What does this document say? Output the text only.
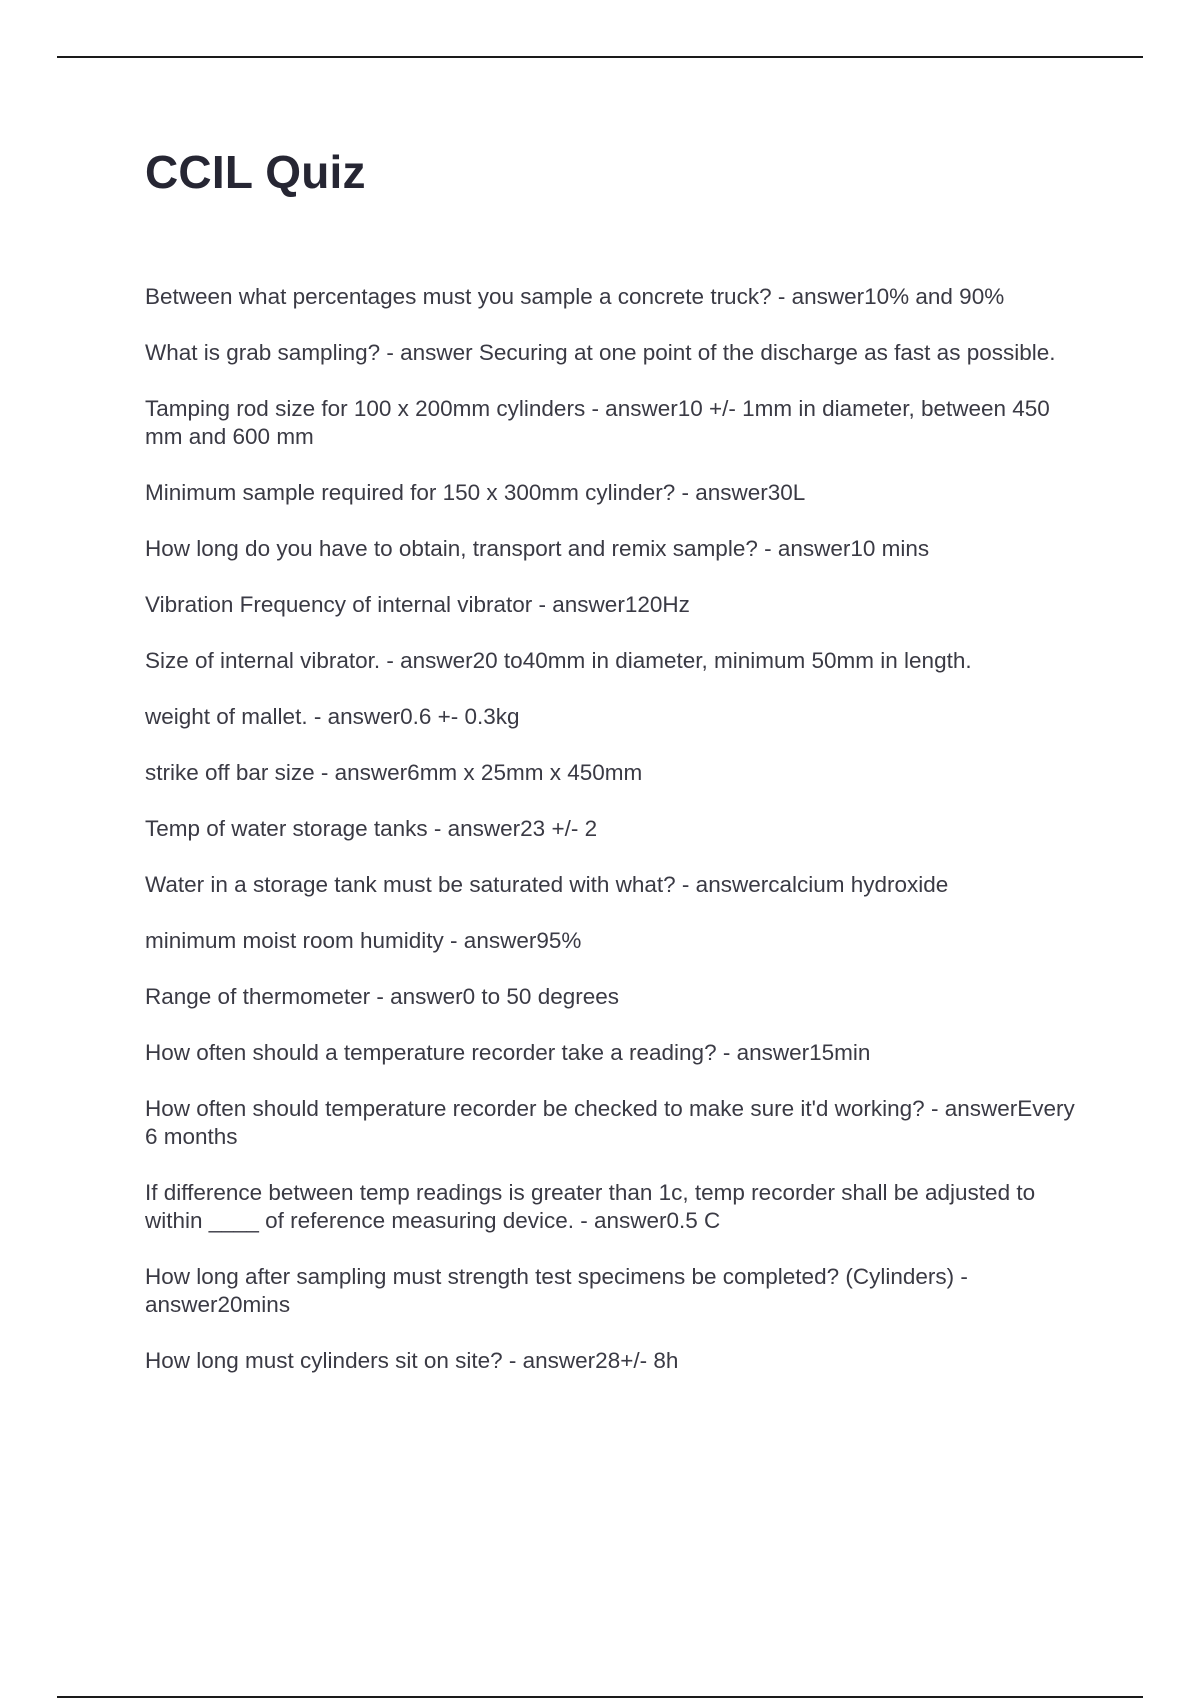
CCIL Quiz
Between what percentages must you sample a concrete truck? - answer10% and 90%
What is grab sampling? - answer Securing at one point of the discharge as fast as possible.
Tamping rod size for 100 x 200mm cylinders - answer10 +/- 1mm in diameter, between 450 mm and 600 mm
Minimum sample required for 150 x 300mm cylinder? - answer30L
How long do you have to obtain, transport and remix sample? - answer10 mins
Vibration Frequency of internal vibrator - answer120Hz
Size of internal vibrator. - answer20 to40mm in diameter, minimum 50mm in length.
weight of mallet. - answer0.6 +- 0.3kg
strike off bar size - answer6mm x 25mm x 450mm
Temp of water storage tanks - answer23 +/- 2
Water in a storage tank must be saturated with what? - answercalcium hydroxide
minimum moist room humidity - answer95%
Range of thermometer - answer0 to 50 degrees
How often should a temperature recorder take a reading? - answer15min
How often should temperature recorder be checked to make sure it'd working? - answerEvery 6 months
If difference between temp readings is greater than 1c, temp recorder shall be adjusted to within ____ of reference measuring device. - answer0.5 C
How long after sampling must strength test specimens be completed? (Cylinders) - answer20mins
How long must cylinders sit on site? - answer28+/- 8h
